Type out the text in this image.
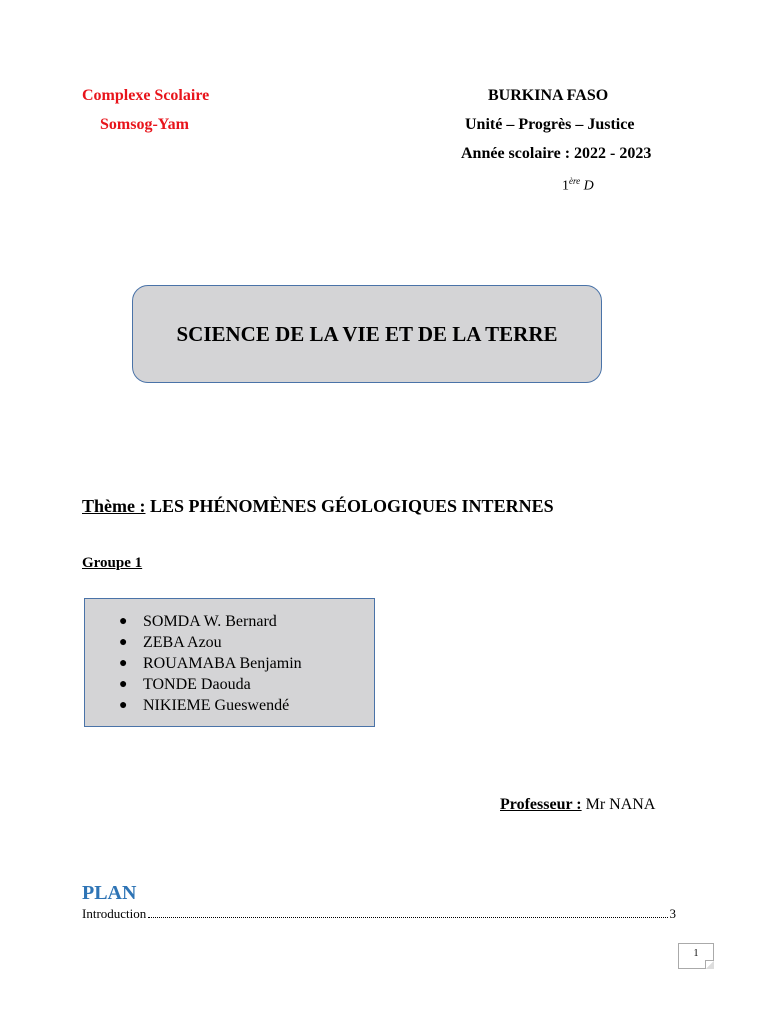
Complexe Scolaire
Somsog-Yam
BURKINA FASO
Unité – Progrès – Justice
Année scolaire : 2022 - 2023
1ère D
SCIENCE DE LA VIE ET DE LA TERRE
Thème : LES PHÉNOMÈNES GÉOLOGIQUES INTERNES
Groupe 1
● SOMDA W. Bernard
● ZEBA Azou
● ROUAMABA Benjamin
● TONDE Daouda
● NIKIEME Gueswendé
Professeur : Mr NANA
PLAN
Introduction	3
1
